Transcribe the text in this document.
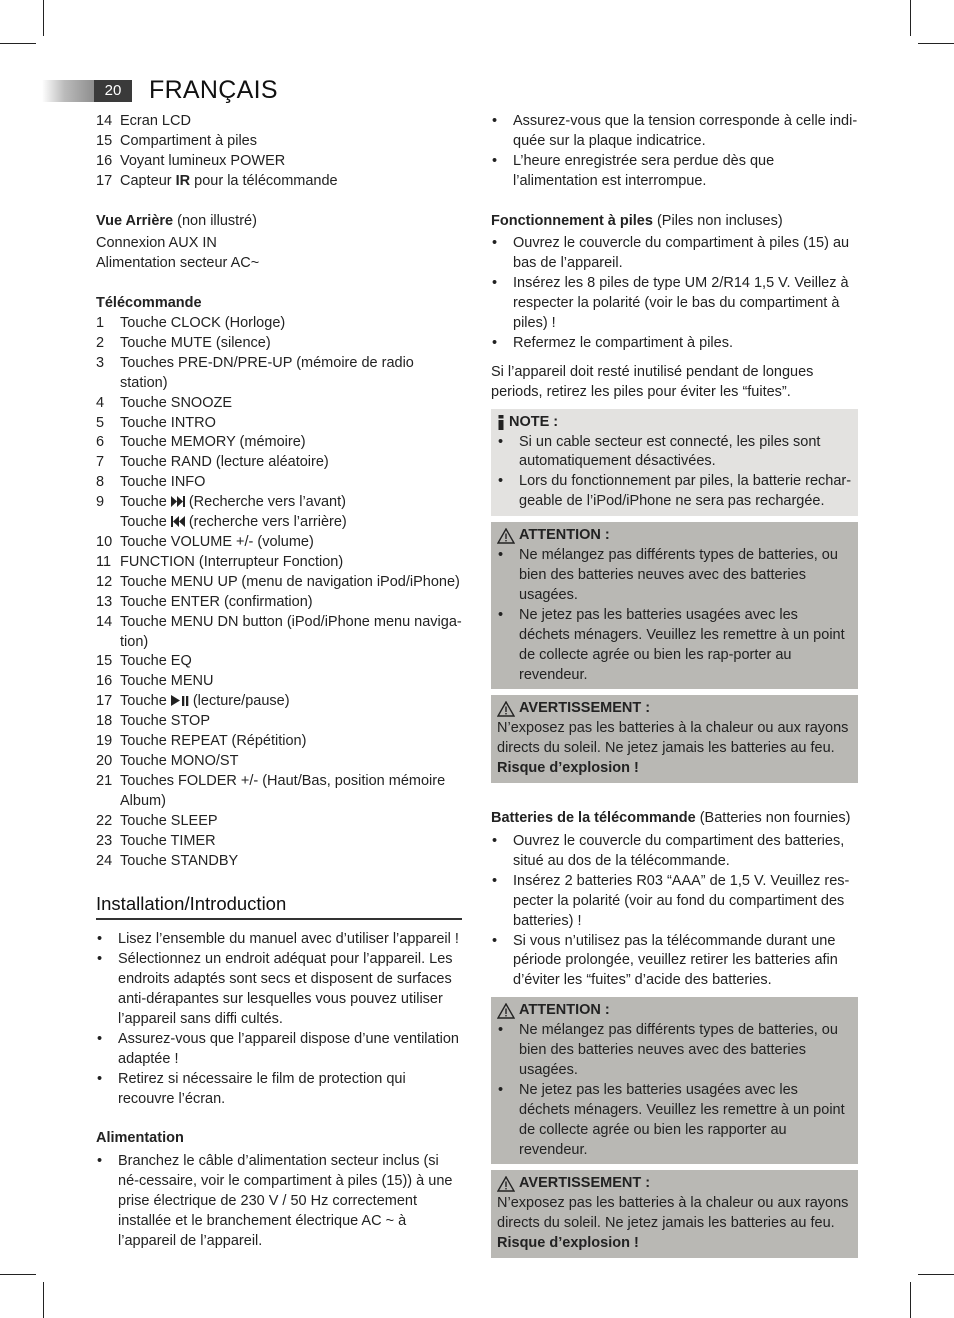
20	FRANÇAIS
14 Ecran LCD
15 Compartiment à piles
16 Voyant lumineux POWER
17 Capteur IR pour la télécommande
Vue Arrière (non illustré)
Connexion AUX IN
Alimentation secteur AC~
Télécommande
1	Touche CLOCK (Horloge)
2	Touche MUTE (silence)
3	Touches PRE-DN/PRE-UP (mémoire de radio station)
4	Touche SNOOZE
5	Touche INTRO
6	Touche MEMORY (mémoire)
7	Touche RAND (lecture aléatoire)
8	Touche INFO
9	Touche  (Recherche vers l’avant)
Touche  (recherche vers l’arrière)
10 Touche VOLUME +/- (volume)
11 FUNCTION (Interrupteur Fonction)
12 Touche MENU UP (menu de navigation iPod/iPhone)
13 Touche ENTER (confirmation)
14 Touche MENU DN button (iPod/iPhone menu naviga-tion)
15 Touche EQ
16 Touche MENU
17 Touche  (lecture/pause)
18 Touche STOP
19 Touche REPEAT (Répétition)
20 Touche MONO/ST
21 Touches FOLDER +/- (Haut/Bas, position mémoire Album)
22 Touche SLEEP
23 Touche TIMER
24 Touche STANDBY
Installation/Introduction
•	Lisez l’ensemble du manuel avec d’utiliser l’appareil !
•	Sélectionnez un endroit adéquat pour l’appareil. Les endroits adaptés sont secs et disposent de surfaces anti-dérapantes sur lesquelles vous pouvez utiliser l’appareil sans diffi cultés.
•	Assurez-vous que l’appareil dispose d’une ventilation adaptée !
•	Retirez si nécessaire le film de protection qui recouvre l’écran.
Alimentation
•	Branchez le câble d’alimentation secteur inclus (si né-cessaire, voir le compartiment à piles (15)) à une prise électrique de 230 V / 50 Hz correctement installée et le branchement électrique AC ~ à l’appareil de l’appareil.
•	Assurez-vous que la tension corresponde à celle indi-quée sur la plaque indicatrice.
•	L’heure enregistrée sera perdue dès que l’alimentation est interrompue.
Fonctionnement à piles (Piles non incluses)
•	Ouvrez le couvercle du compartiment à piles (15) au bas de l’appareil.
•	Insérez les 8 piles de type UM 2/R14 1,5 V. Veillez à respecter la polarité (voir le bas du compartiment à piles) !
•	Refermez le compartiment à piles.
Si l’appareil doit resté inutilisé pendant de longues periods, retirez les piles pour éviter les “fuites”.
NOTE :
•	Si un cable secteur est connecté, les piles sont automatiquement désactivées.
•	Lors du fonctionnement par piles, la batterie rechar-geable de l’iPod/iPhone ne sera pas rechargée.
ATTENTION :
•	Ne mélangez pas différents types de batteries, ou bien des batteries neuves avec des batteries usagées.
•	Ne jetez pas les batteries usagées avec les déchets ménagers. Veuillez les remettre à un point de collecte agrée ou bien les rap-porter au revendeur.
AVERTISSEMENT :
N’exposez pas les batteries à la chaleur ou aux rayons directs du soleil. Ne jetez jamais les batteries au feu.
Risque d’explosion !
Batteries de la télécommande (Batteries non fournies)
•	Ouvrez le couvercle du compartiment des batteries, situé au dos de la télécommande.
•	Insérez 2 batteries R03 “AAA” de 1,5 V. Veuillez res-pecter la polarité (voir au fond du compartiment des batteries) !
•	Si vous n’utilisez pas la télécommande durant une période prolongée, veuillez retirer les batteries afin d’éviter les “fuites” d’acide des batteries.
ATTENTION :
•	Ne mélangez pas différents types de batteries, ou bien des batteries neuves avec des batteries usagées.
•	Ne jetez pas les batteries usagées avec les déchets ménagers. Veuillez les remettre à un point de collecte agrée ou bien les rapporter au revendeur.
AVERTISSEMENT :
N’exposez pas les batteries à la chaleur ou aux rayons directs du soleil. Ne jetez jamais les batteries au feu.
Risque d’explosion !
